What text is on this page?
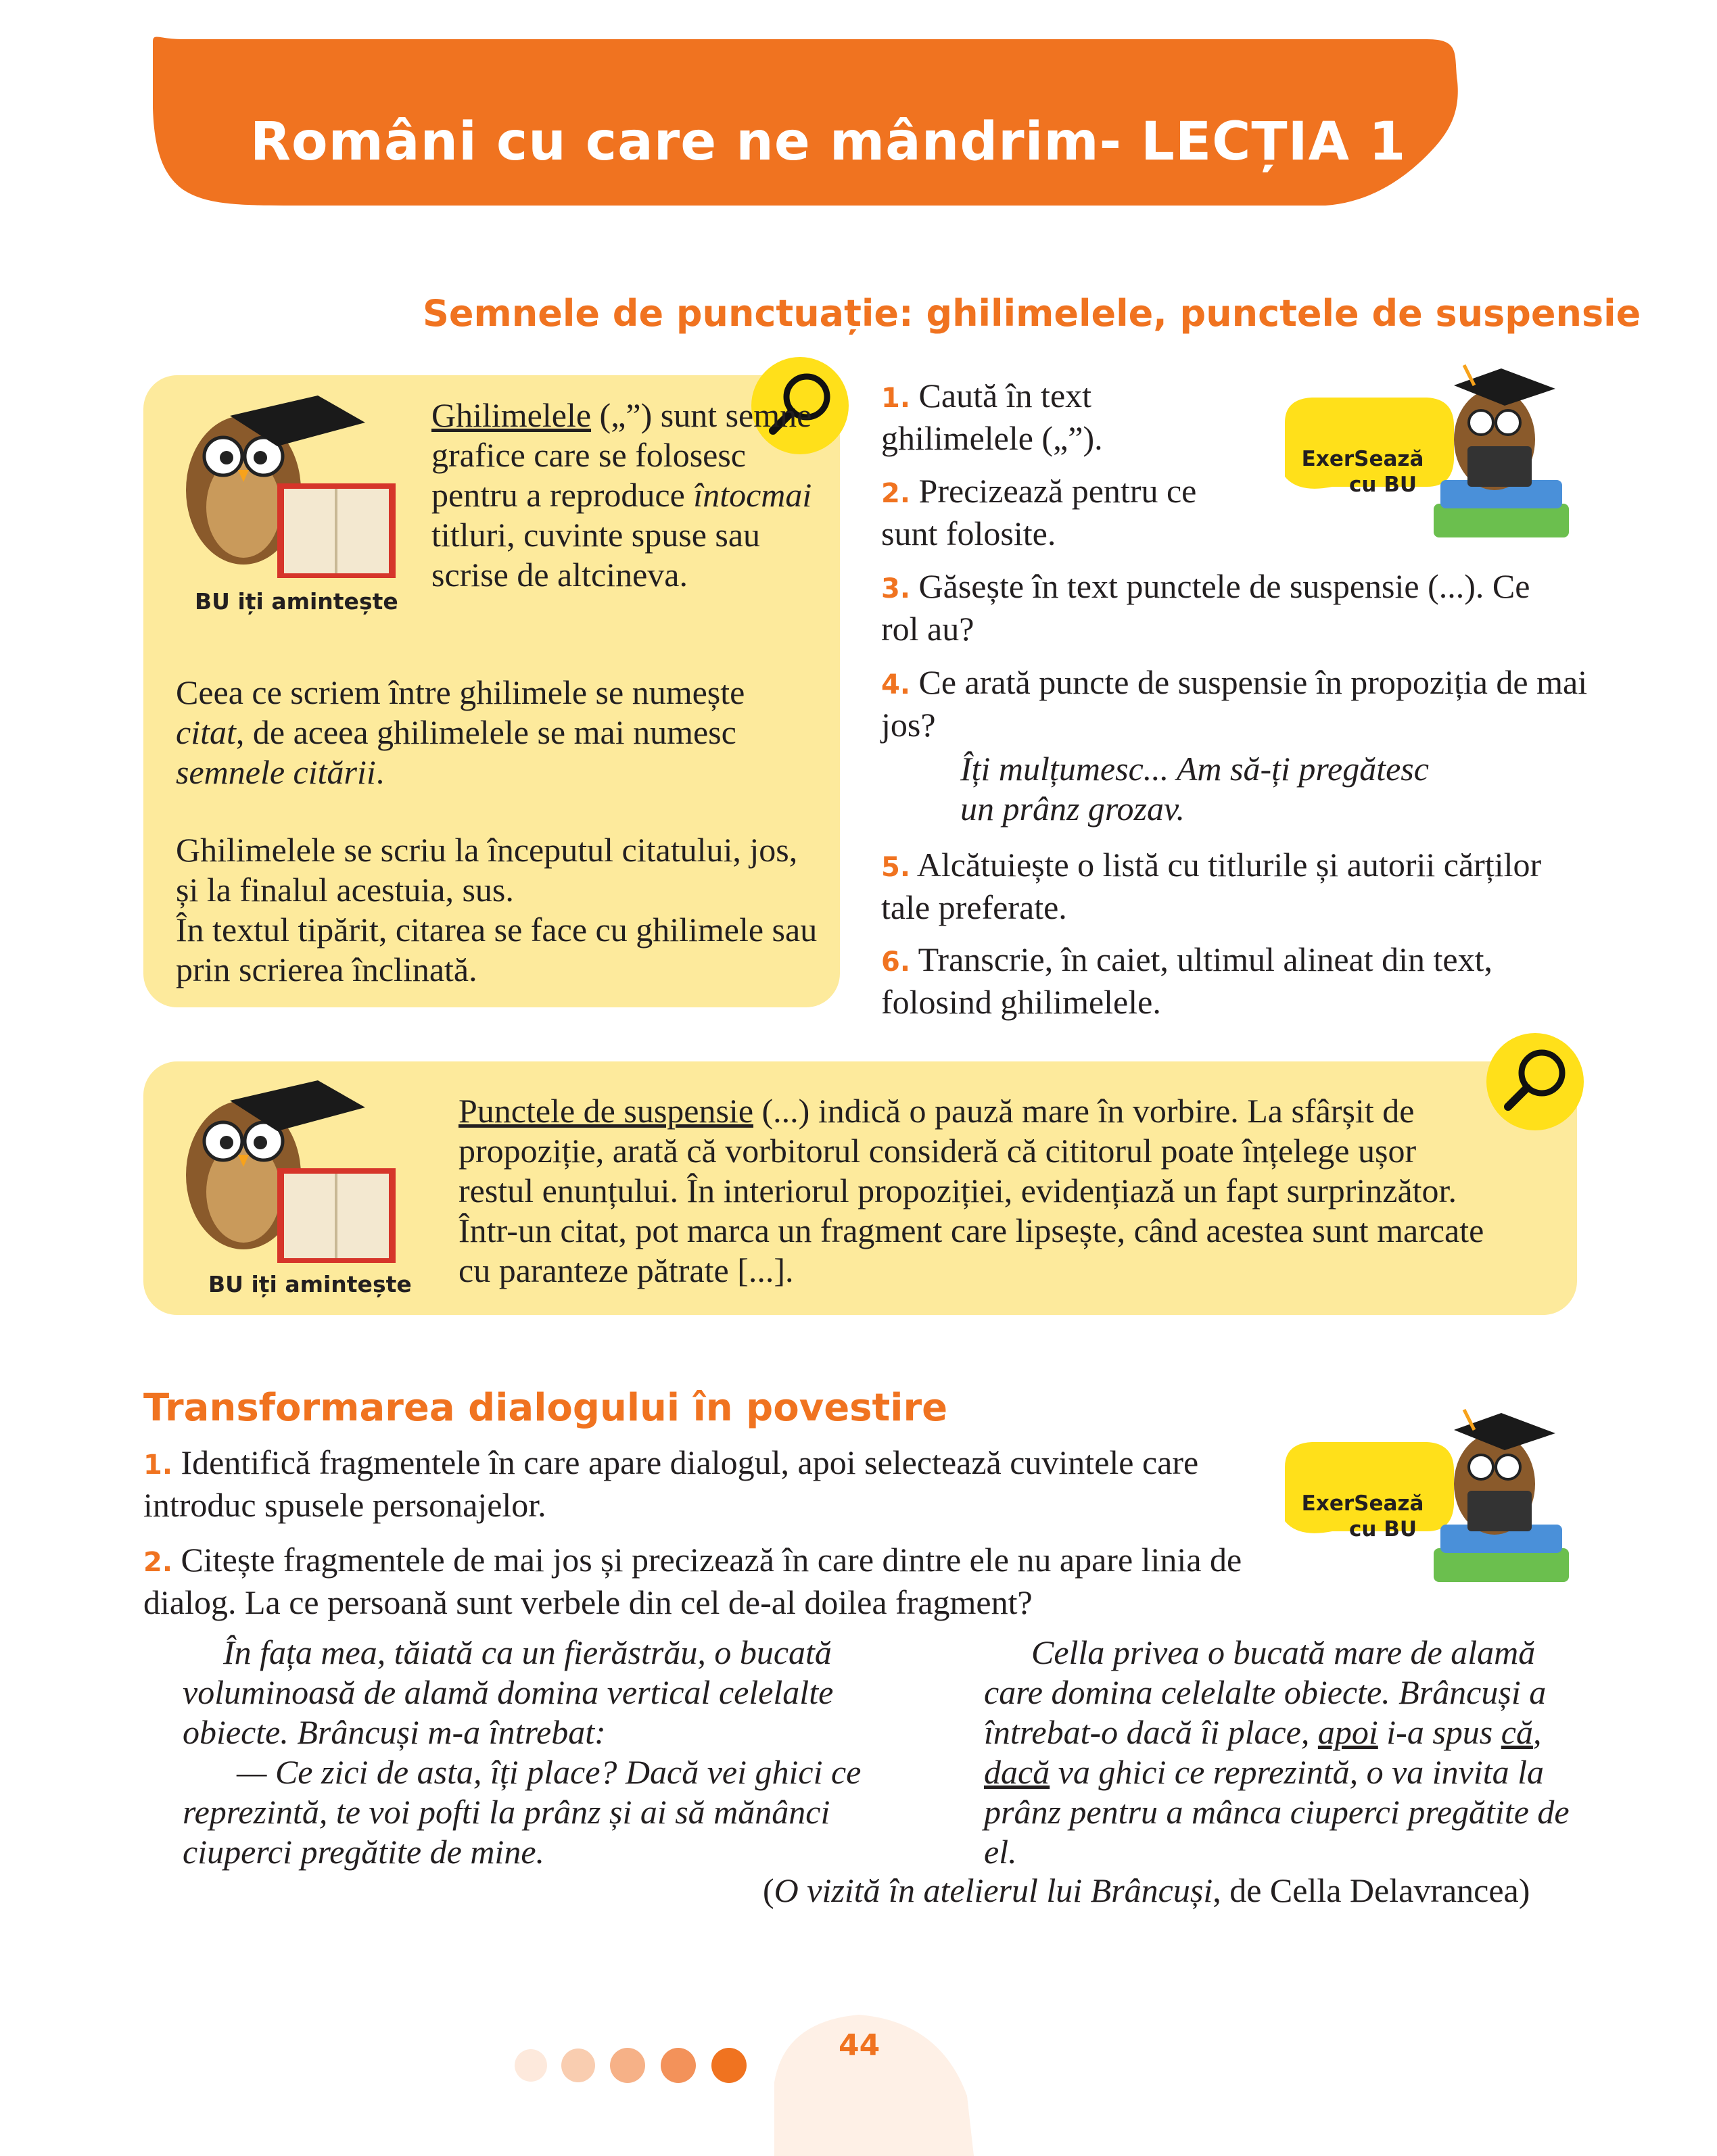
Români cu care ne mândrim- LECȚIA 1
Semnele de punctuație: ghilimelele, punctele de suspensie
BU iți amintește
Ghilimelele („”) sunt semne grafice care se folosesc pentru a reproduce întocmai titluri, cuvinte spuse sau scrise de altcineva.
Ceea ce scriem între ghilimele se numește citat, de aceea ghilimelele se mai numesc semnele citării.
Ghilimelele se scriu la începutul citatului, jos, și la finalul acestuia, sus.
În textul tipărit, citarea se face cu ghilimele sau prin scrierea înclinată.
1. Caută în text ghilimelele („”).
2. Precizează pentru ce sunt folosite.
3. Găsește în text punctele de suspensie (...). Ce rol au?
4. Ce arată puncte de suspensie în propoziția de mai jos?
Îți mulțumesc... Am să-ți pregătesc
un prânz grozav.
5. Alcătuiește o listă cu titlurile și autorii cărților tale preferate.
6. Transcrie, în caiet, ultimul alineat din text, folosind ghilimelele.
ExerSează
cu BU
BU iți amintește
Punctele de suspensie (...) indică o pauză mare în vorbire. La sfârșit de propoziție, arată că vorbitorul consideră că cititorul poate înțelege ușor restul enunțului. În interiorul propoziției, evidențiază un fapt surprinzător. Într-un citat, pot marca un fragment care lipsește, când acestea sunt marcate cu paranteze pătrate [...].
Transformarea dialogului în povestire
1. Identifică fragmentele în care apare dialogul, apoi selectează cuvintele care introduc spusele personajelor.
2. Citește fragmentele de mai jos și precizează în care dintre ele nu apare linia de dialog. La ce persoană sunt verbele din cel de-al doilea fragment?
ExerSează
cu BU

În fața mea, tăiată ca un fierăstrău, o bucată voluminoasă de alamă domina vertical celelalte obiecte. Brâncuși m-a întrebat:

— Ce zici de asta, îți place? Dacă vei ghici ce reprezintă, te voi pofti la prânz și ai să mănânci ciuperci pregătite de mine.

Cella privea o bucată mare de alamă care domina celelalte obiecte. Brâncuși a întrebat-o dacă îi place, apoi i-a spus că, dacă va ghici ce reprezintă, o va invita la prânz pentru a mânca ciuperci pregătite de el.

(O vizită în atelierul lui Brâncuși, de Cella Delavrancea)
44
